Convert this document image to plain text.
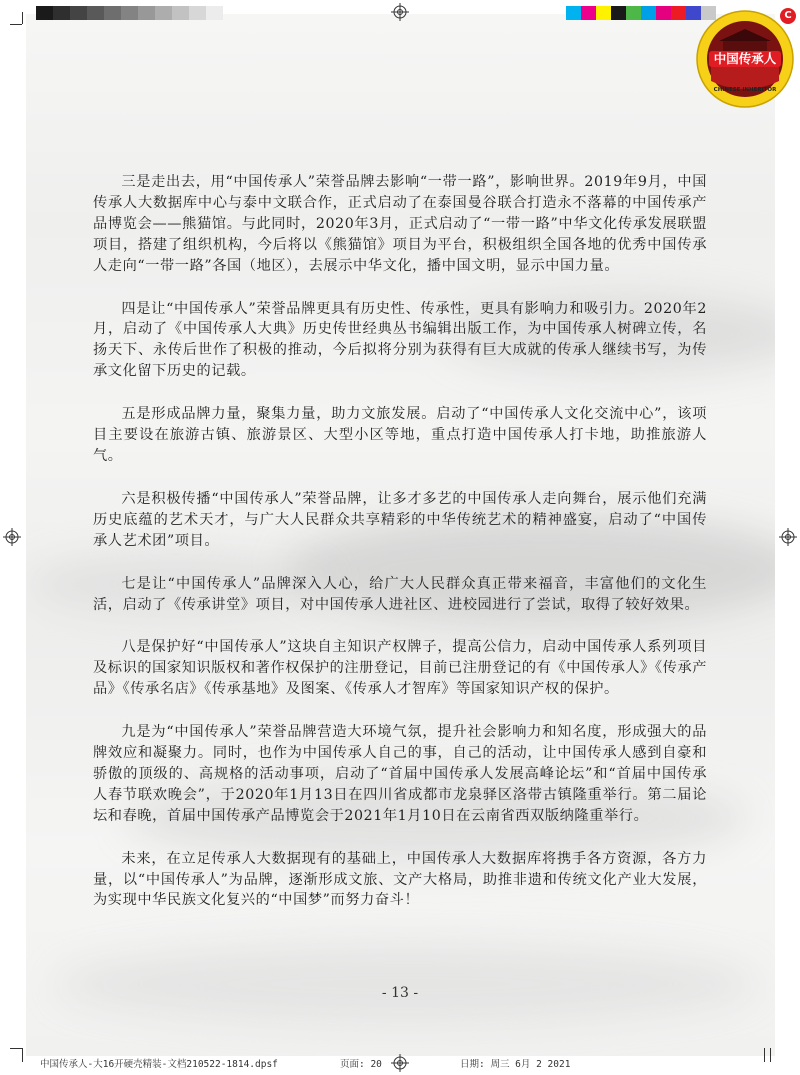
中国传承人
CHINESE INHERITOR
C

三是走出去，用“中国传承人”荣誉品牌去影响“一带一路”，影响世界。2019年9月，中国传承人大数据库中心与泰中文联合作，正式启动了在泰国曼谷联合打造永不落幕的中国传承产品博览会——熊猫馆。与此同时，2020年3月，正式启动了“一带一路”中华文化传承发展联盟项目，搭建了组织机构，今后将以《熊猫馆》项目为平台，积极组织全国各地的优秀中国传承人走向“一带一路”各国（地区），去展示中华文化，播中国文明，显示中国力量。

四是让“中国传承人”荣誉品牌更具有历史性、传承性，更具有影响力和吸引力。2020年2月，启动了《中国传承人大典》历史传世经典丛书编辑出版工作，为中国传承人树碑立传，名扬天下、永传后世作了积极的推动，今后拟将分别为获得有巨大成就的传承人继续书写，为传承文化留下历史的记载。

五是形成品牌力量，聚集力量，助力文旅发展。启动了“中国传承人文化交流中心”，该项目主要设在旅游古镇、旅游景区、大型小区等地，重点打造中国传承人打卡地，助推旅游人气。

六是积极传播“中国传承人”荣誉品牌，让多才多艺的中国传承人走向舞台，展示他们充满历史底蕴的艺术天才，与广大人民群众共享精彩的中华传统艺术的精神盛宴，启动了“中国传承人艺术团”项目。

七是让“中国传承人”品牌深入人心，给广大人民群众真正带来福音，丰富他们的文化生活，启动了《传承讲堂》项目，对中国传承人进社区、进校园进行了尝试，取得了较好效果。

八是保护好“中国传承人”这块自主知识产权牌子，提高公信力，启动中国传承人系列项目及标识的国家知识版权和著作权保护的注册登记，目前已注册登记的有《中国传承人》《传承产品》《传承名店》《传承基地》及图案、《传承人才智库》等国家知识产权的保护。

九是为“中国传承人”荣誉品牌营造大环境气氛，提升社会影响力和知名度，形成强大的品牌效应和凝聚力。同时，也作为中国传承人自己的事，自己的活动，让中国传承人感到自豪和骄傲的顶级的、高规格的活动事项，启动了“首届中国传承人发展高峰论坛”和“首届中国传承人春节联欢晚会”，于2020年1月13日在四川省成都市龙泉驿区洛带古镇隆重举行。第二届论坛和春晚，首届中国传承产品博览会于2021年1月10日在云南省西双版纳隆重举行。

未来，在立足传承人大数据现有的基础上，中国传承人大数据库将携手各方资源，各方力量，以“中国传承人”为品牌，逐渐形成文旅、文产大格局，助推非遗和传统文化产业大发展，为实现中华民族文化复兴的“中国梦”而努力奋斗！

- 13 -
中国传承人-大16开硬壳精装-文档210522-1814.dpsf	页面: 20	日期: 周三 6月 2 2021
